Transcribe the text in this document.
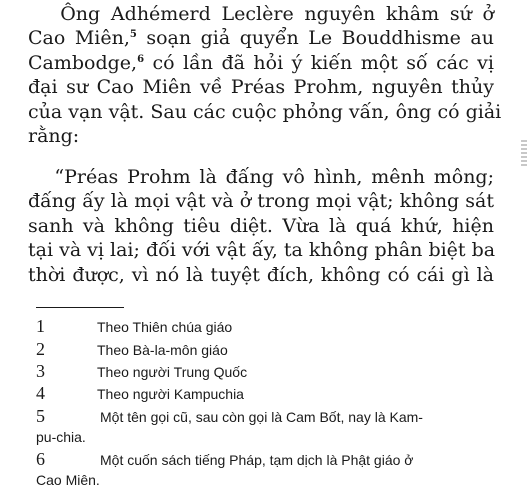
Ông Adhémerd Leclère nguyên khâm sứ ở
Cao Miên,$^5$ soạn giả quyển Le Bouddhisme au
Cambodge,$^6$ có lần đã hỏi ý kiến một số các vị
đại sư Cao Miên về Préas Prohm, nguyên thủy
của vạn vật. Sau các cuộc phỏng vấn, ông có giải
rằng:
“Préas Prohm là đấng vô hình, mênh mông;
đấng ấy là mọi vật và ở trong mọi vật; không sát
sanh và không tiêu diệt. Vừa là quá khứ, hiện
tại và vị lai; đối với vật ấy, ta không phân biệt ba
thời được, vì nó là tuyệt đích, không có cái gì là
1	Theo Thiên chúa giáo
2	Theo Bà-la-môn giáo
3	Theo người Trung Quốc
4	Theo người Kampuchia
5	Một tên gọi cũ, sau còn gọi là Cam Bốt, nay là Kam-
pu-chia.
6	Một cuốn sách tiếng Pháp, tạm dịch là Phật giáo ở
Cao Miên.
